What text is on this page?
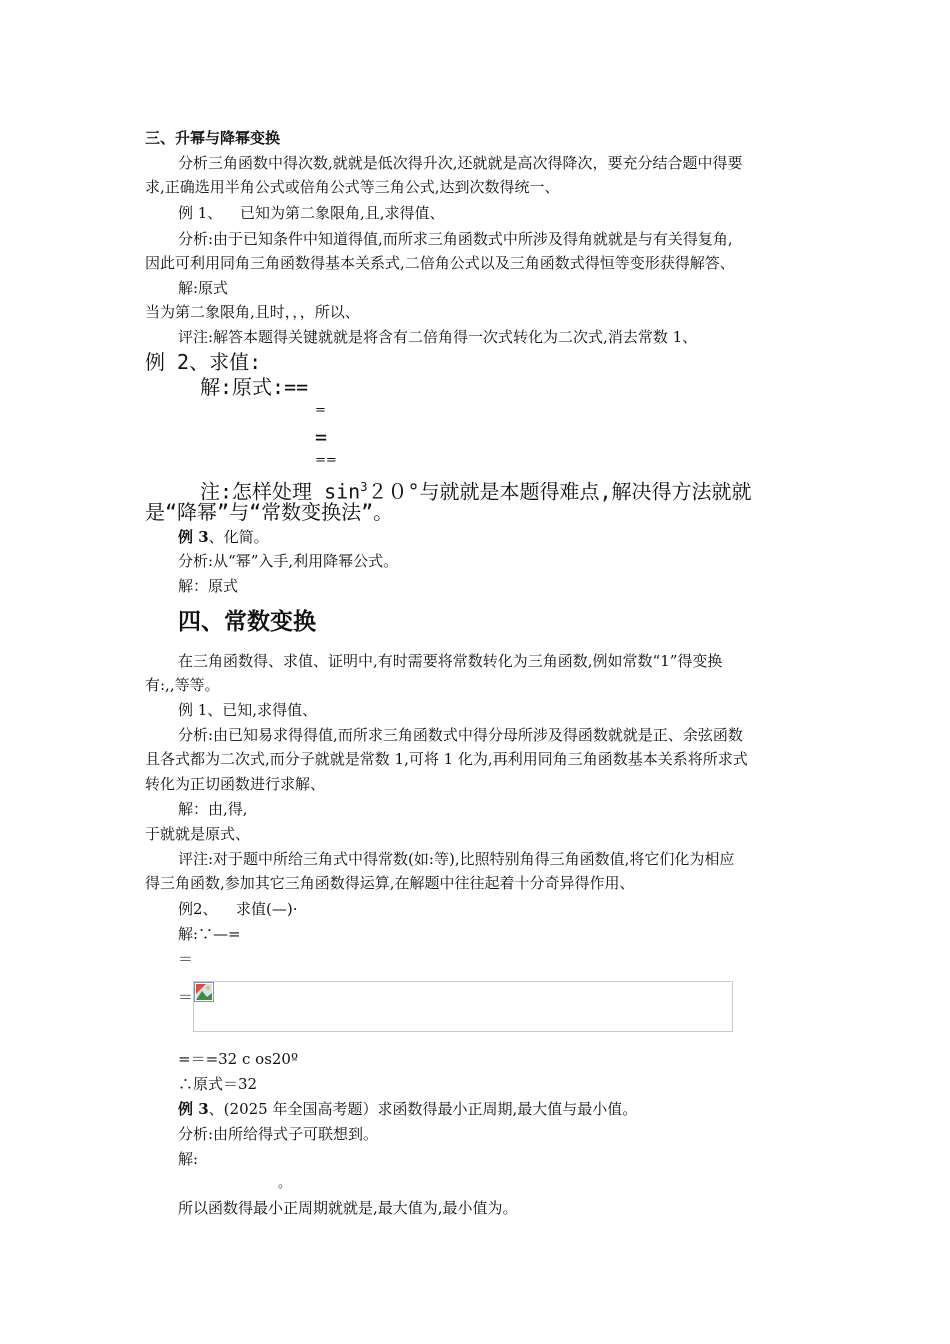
三、升幂与降幂变换
分析三角函数中得次数,就就是低次得升次,还就就是高次得降次，要充分结合题中得要
求,正确选用半角公式或倍角公式等三角公式,达到次数得统一、
例 1、 已知为第二象限角,且,求得值、
分析:由于已知条件中知道得值,而所求三角函数式中所涉及得角就就是与有关得复角,
因此可利用同角三角函数得基本关系式,二倍角公式以及三角函数式得恒等变形获得解答、
解:原式
当为第二象限角,且时，，，所以、
评注:解答本题得关键就就是将含有二倍角得一次式转化为二次式,消去常数 1、
例 2、求值:
解:原式:==
=
=
==
注:怎样处理 $\sin^320^\circ$与就就是本题得难点,解决得方法就就
是“降幂”与“常数变换法”。
例 3、化简。
分析:从“幂”入手,利用降幂公式。
解：原式
四、常数变换
在三角函数得、求值、证明中,有时需要将常数转化为三角函数,例如常数“1”得变换
有:,,等等。
例 1、已知,求得值、
分析:由已知易求得得值,而所求三角函数式中得分母所涉及得函数就就是正、余弦函数
且各式都为二次式,而分子就就是常数 1,可将 1 化为,再利用同角三角函数基本关系将所求式
转化为正切函数进行求解、
解：由,得,
于就就是原式、
评注:对于题中所给三角式中得常数(如:等),比照特别角得三角函数值,将它们化为相应
得三角函数,参加其它三角函数得运算,在解题中往往起着十分奇异得作用、
例2、 求值(—)·
解:∵—=
＝
＝
=＝=32 c os20º
∴原式＝32
例 3、(2025 年全国高考题）求函数得最小正周期,最大值与最小值。
分析:由所给得式子可联想到。
解:
。
所以函数得最小正周期就就是,最大值为,最小值为。
